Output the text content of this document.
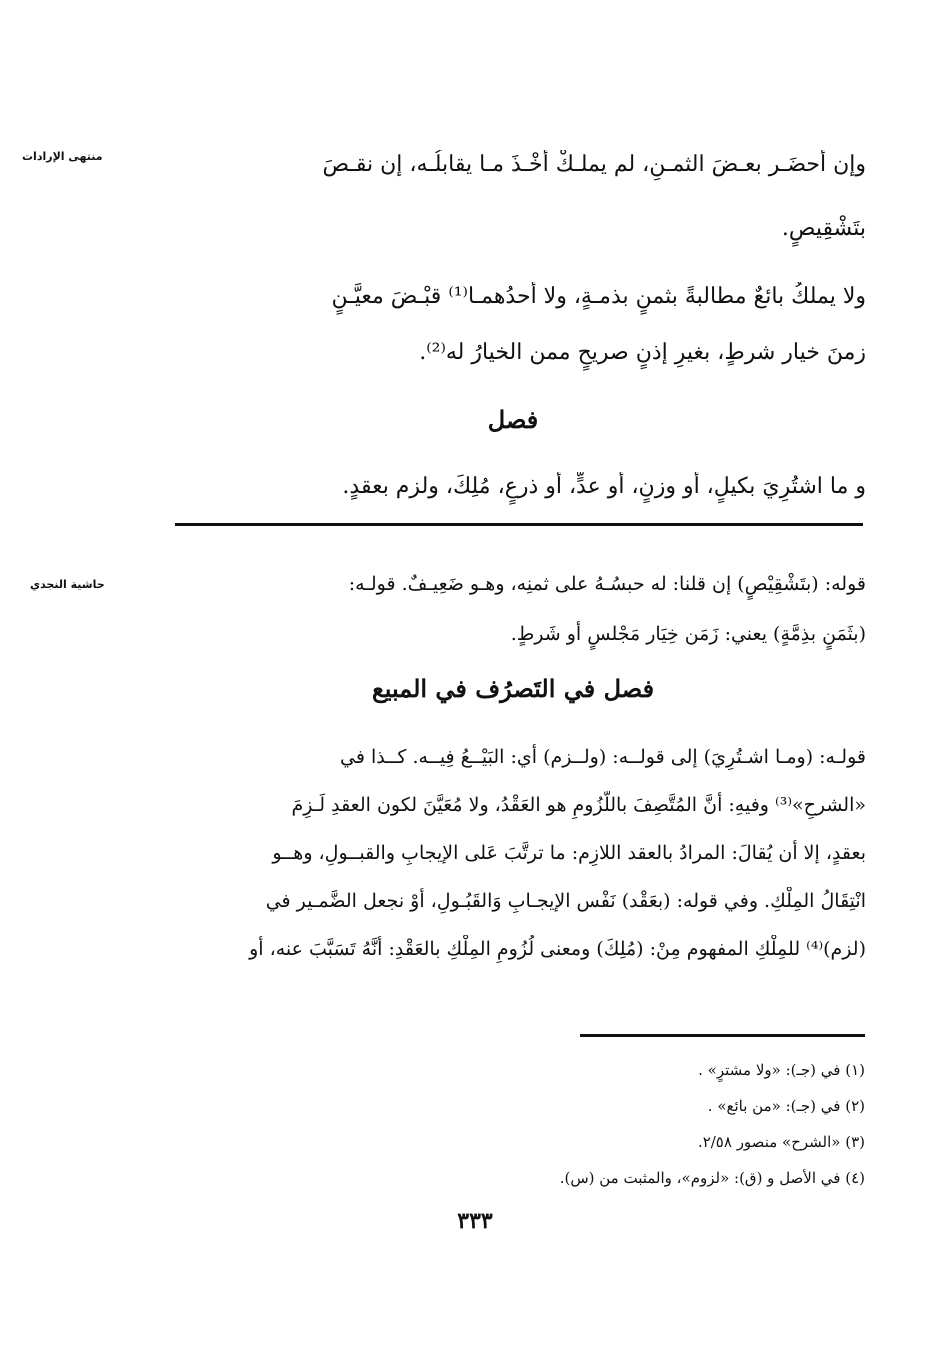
منتهى الإرادات
حاشية النجدي
وإن أحضَـر بعـضَ الثمـنِ، لم يملـكْ أخْـذَ مـا يقابلُـه، إن نقـصَ
بتَشْقِيصٍ.
ولا يملكُ بائعٌ مطالبةً بثمنٍ بذمـةٍ، ولا أحدُهمـا⁽¹⁾ قبْـضَ معيَّـنٍ
زمنَ خيار شرطٍ، بغيرِ إذنٍ صريحٍ ممن الخيارُ له⁽²⁾.
فصل
و ما اشتُرِيَ بكيلٍ، أو وزنٍ، أو عدٍّ، أو ذرعٍ، مُلِكَ، ولزم بعقدٍ.
قوله: (بتَشْقِيْصٍ) إن قلنا: له حبسُـهُ على ثمنِه، وهـو ضَعِيـفٌ. قولـه:
(بثَمَنٍ بذِمَّةٍ) يعني: زَمَن خِيَار مَجْلسٍ أو شَرطٍ.
فصل في التَصرُف في المبيع
قولـه: (ومـا اشـتُرِيَ) إلى قولــه: (ولــزم) أي: البَيْــعُ فِيــه. كــذا في
«الشرحِ»⁽³⁾ وفيهِ: أنَّ المُتَّصِفَ باللُّزُومِ هو العَقْدُ، ولا مُعَيَّنَ لكون العقدِ لَـزِمَ
بعقدٍ، إلا أن يُقالَ: المرادُ بالعقد اللازِم: ما ترتَّبَ عَلى الإيجابِ والقبــولِ، وهــو
انْتِقَالُ المِلْكِ. وفي قوله: (بعَقْد) نَفْس الإيجـابِ وَالقَبُـولِ، أوْ نجعل الضَّمـير في
(لزم)⁽⁴⁾ للمِلْكِ المفهوم مِنْ: (مُلِكَ) ومعنى لُزُومِ المِلْكِ بالعَقْدِ: أنَّهُ تَسَبَّبَ عنه، أو
(١) في (جـ): «ولا مشترٍ» .
(٢) في (جـ): «من بائع» .
(٣) «الشرح» منصور ٢/٥٨.
(٤) في الأصل و (ق): «لزوم»، والمثبت من (س).
٣٣٣
